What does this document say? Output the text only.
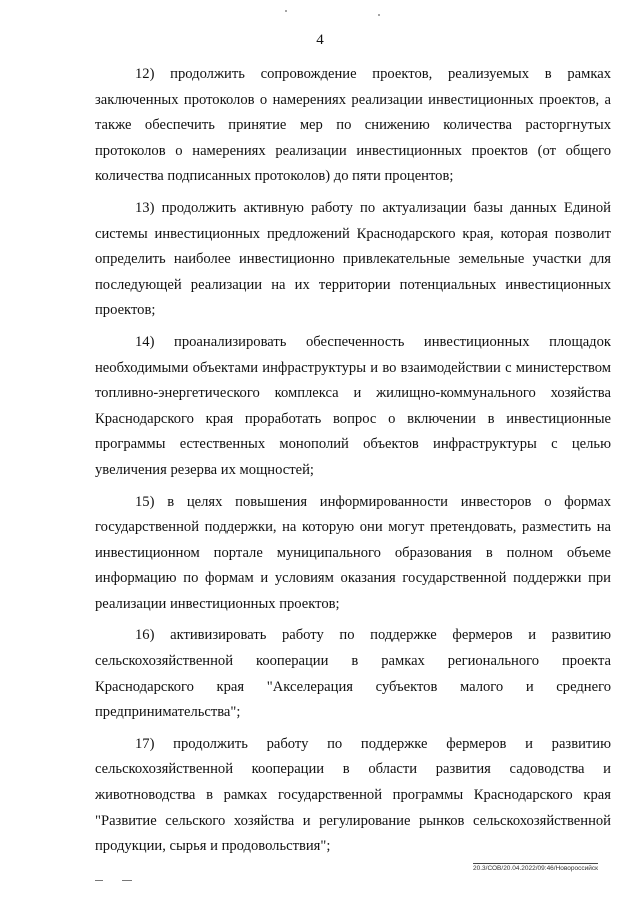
4

12) продолжить сопровождение проектов, реализуемых в рамках заключенных протоколов о намерениях реализации инвестиционных проектов, а также обеспечить принятие мер по снижению количества расторгнутых протоколов о намерениях реализации инвестиционных проектов (от общего количества подписанных протоколов) до пяти процентов;

13) продолжить активную работу по актуализации базы данных Единой системы инвестиционных предложений Краснодарского края, которая позволит определить наиболее инвестиционно привлекательные земельные участки для последующей реализации на их территории потенциальных инвестиционных проектов;

14) проанализировать обеспеченность инвестиционных площадок необходимыми объектами инфраструктуры и во взаимодействии с министерством топливно-энергетического комплекса и жилищно-коммунального хозяйства Краснодарского края проработать вопрос о включении в инвестиционные программы естественных монополий объектов инфраструктуры с целью увеличения резерва их мощностей;

15) в целях повышения информированности инвесторов о формах государственной поддержки, на которую они могут претендовать, разместить на инвестиционном портале муниципального образования в полном объеме информацию по формам и условиям оказания государственной поддержки при реализации инвестиционных проектов;

16) активизировать работу по поддержке фермеров и развитию сельскохозяйственной кооперации в рамках регионального проекта Краснодарского края "Акселерация субъектов малого и среднего предпринимательства";

17) продолжить работу по поддержке фермеров и развитию сельскохозяйственной кооперации в области развития садоводства и животноводства в рамках государственной программы Краснодарского края "Развитие сельского хозяйства и регулирование рынков сельскохозяйственной продукции, сырья и продовольствия";

20.3/СОВ/20.04.2022/09:46/Новороссийск
